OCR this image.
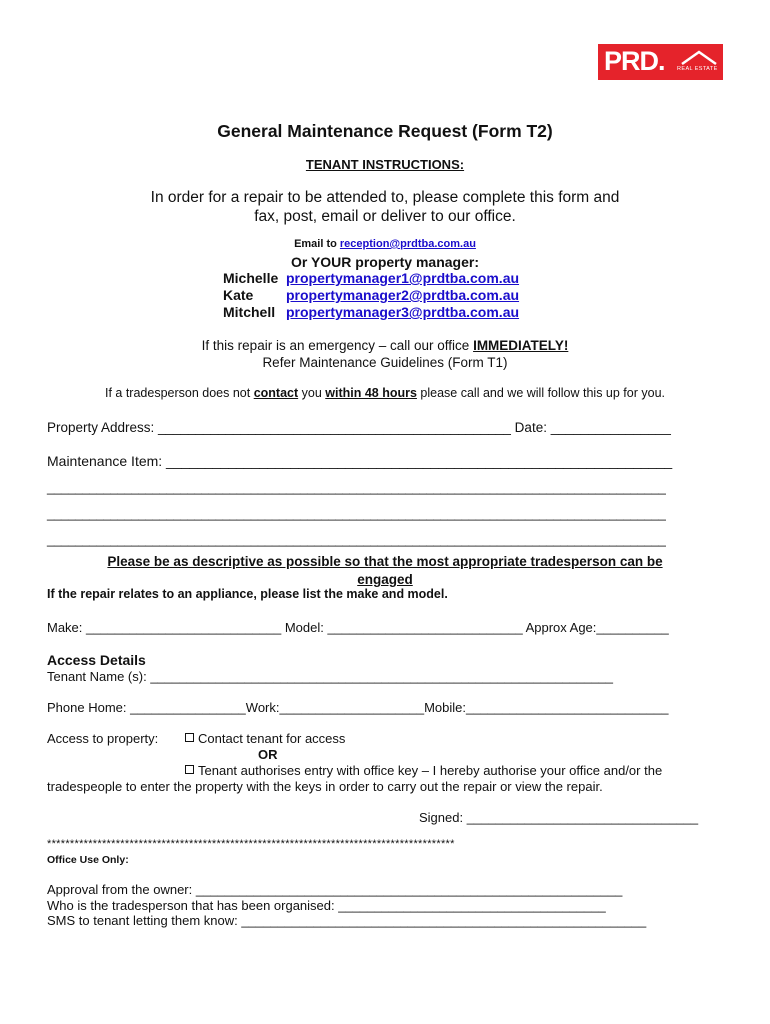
PRD. REAL ESTATE
General Maintenance Request (Form T2)
TENANT INSTRUCTIONS:
In order for a repair to be attended to, please complete this form and
fax, post, email or deliver to our office.
Email to reception@prdtba.com.au
Or YOUR property manager:
Michelle propertymanager1@prdtba.com.au
Kate propertymanager2@prdtba.com.au
Mitchell propertymanager3@prdtba.com.au
If this repair is an emergency – call our office IMMEDIATELY!
Refer Maintenance Guidelines (Form T1)
If a tradesperson does not contact you within 48 hours please call and we will follow this up for you.
Property Address: _______________________________________________ Date: ________________
Maintenance Item: _________________________________________________________________
________________________________________________________________________________________
________________________________________________________________________________________
________________________________________________________________________________________
Please be as descriptive as possible so that the most appropriate tradesperson can be
engaged
If the repair relates to an appliance, please list the make and model.
Make: ___________________________ Model: ___________________________ Approx Age:__________
Access Details
Tenant Name (s): ________________________________________________________________
Phone Home: ________________Work:____________________Mobile:____________________________
Access to property:	Contact tenant for access
OR
Tenant authorises entry with office key – I hereby authorise your office and/or the
tradespeople to enter the property with the keys in order to carry out the repair or view the repair.
Signed: ________________________________
*****************************************************************************************
Office Use Only:
Approval from the owner: ___________________________________________________________
Who is the tradesperson that has been organised: _____________________________________
SMS to tenant letting them know: ________________________________________________________
